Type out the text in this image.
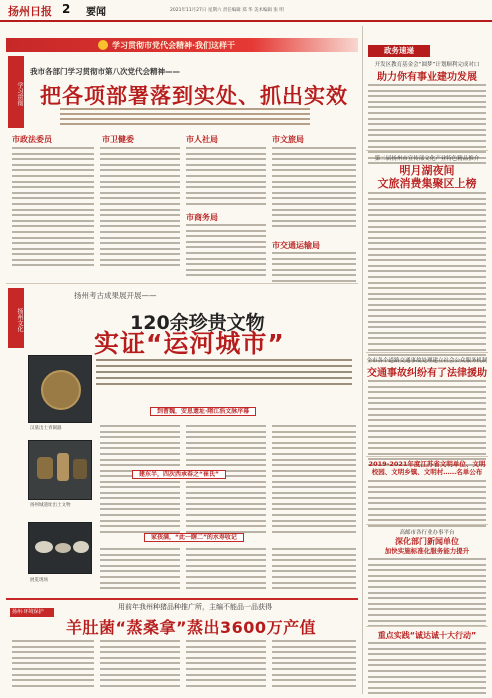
扬州日报 2 要闻	2021年11月27日 星期六 责任编辑 郑 华 美术编辑 张 明
学习贯彻市党代会精神·我们这样干
学习贯彻
我市各部门学习贯彻市第八次党代会精神——
把各项部署落到实处、抓出实效
市政法委员	市卫健委	市人社局	市文旅局
市商务局
市交通运输局
扬州文化
扬州考古成果展开展——
120余珍贵文物
实证“运河城市”
汉墓出土青铜器
到曹魏，安息遗址·隋江浩文脉序幕
扬州城遗址出土文物
建东半，四次西承春之“崔氏”
展览现场
家孩满，“此一瞎二”的水寿收记
用前年我州种猪品种推广所，主编不能品一品获得
扬州·环境保护
羊肚菌“蒸桑拿”蒸出3600万产值
政务速递
开发区教育基金会“圆梦”计划顺利完成对口
助力你有事业建功发展
第二届扬州市宣传部文化产业特色精品推介
明月湖夜间
文旅消费集聚区上榜
全市各个道路交通事故处理建立社会公众服务机制
交通事故纠纷有了法律援助
2019-2021年度江苏省文明单位、文明校园、文明乡镇、文明村……名单公布
高邮市各行业办事平台
深化部门新闻单位
加快实施标准化服务能力提升
重点实践“诚达诚十大行动”
